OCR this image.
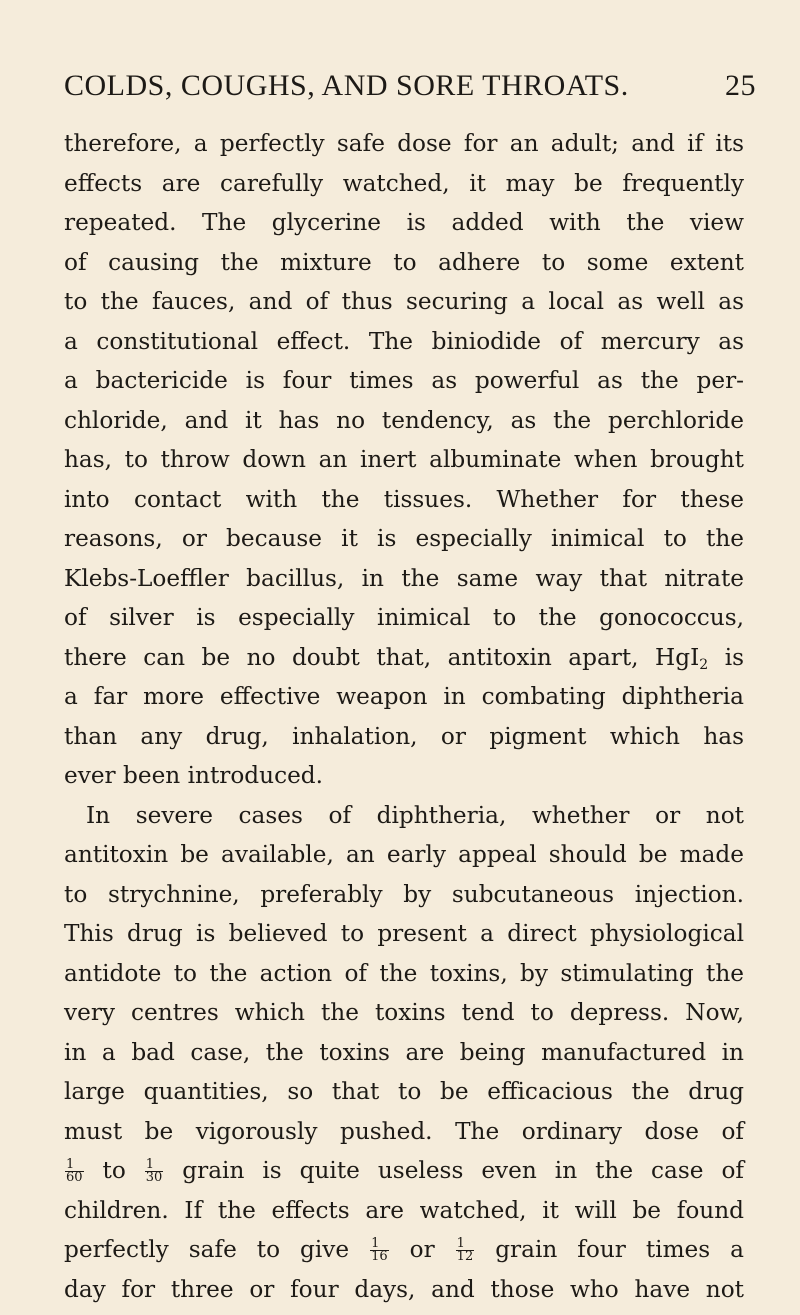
COLDS, COUGHS, AND SORE THROATS.	25
therefore, a perfectly safe dose for an adult; and if its
effects are carefully watched, it may be frequently
repeated. The glycerine is added with the view
of causing the mixture to adhere to some extent
to the fauces, and of thus securing a local as well as
a constitutional effect. The biniodide of mercury as
a bactericide is four times as powerful as the per-
chloride, and it has no tendency, as the perchloride
has, to throw down an inert albuminate when brought
into contact with the tissues. Whether for these
reasons, or because it is especially inimical to the
Klebs-Loeffler bacillus, in the same way that nitrate
of silver is especially inimical to the gonococcus,
there can be no doubt that, antitoxin apart, HgI$_2$ is
a far more effective weapon in combating diphtheria
than any drug, inhalation, or pigment which has
ever been introduced.
In severe cases of diphtheria, whether or not
antitoxin be available, an early appeal should be made
to strychnine, preferably by subcutaneous injection.
This drug is believed to present a direct physiological
antidote to the action of the toxins, by stimulating the
very centres which the toxins tend to depress. Now,
in a bad case, the toxins are being manufactured in
large quantities, so that to be efficacious the drug
must be vigorously pushed. The ordinary dose of
$\frac{1}{60}$ to $\frac{1}{30}$ grain is quite useless even in the case of
children. If the effects are watched, it will be found
perfectly safe to give $\frac{1}{16}$ or $\frac{1}{12}$ grain four times a
day for three or four days, and those who have not
